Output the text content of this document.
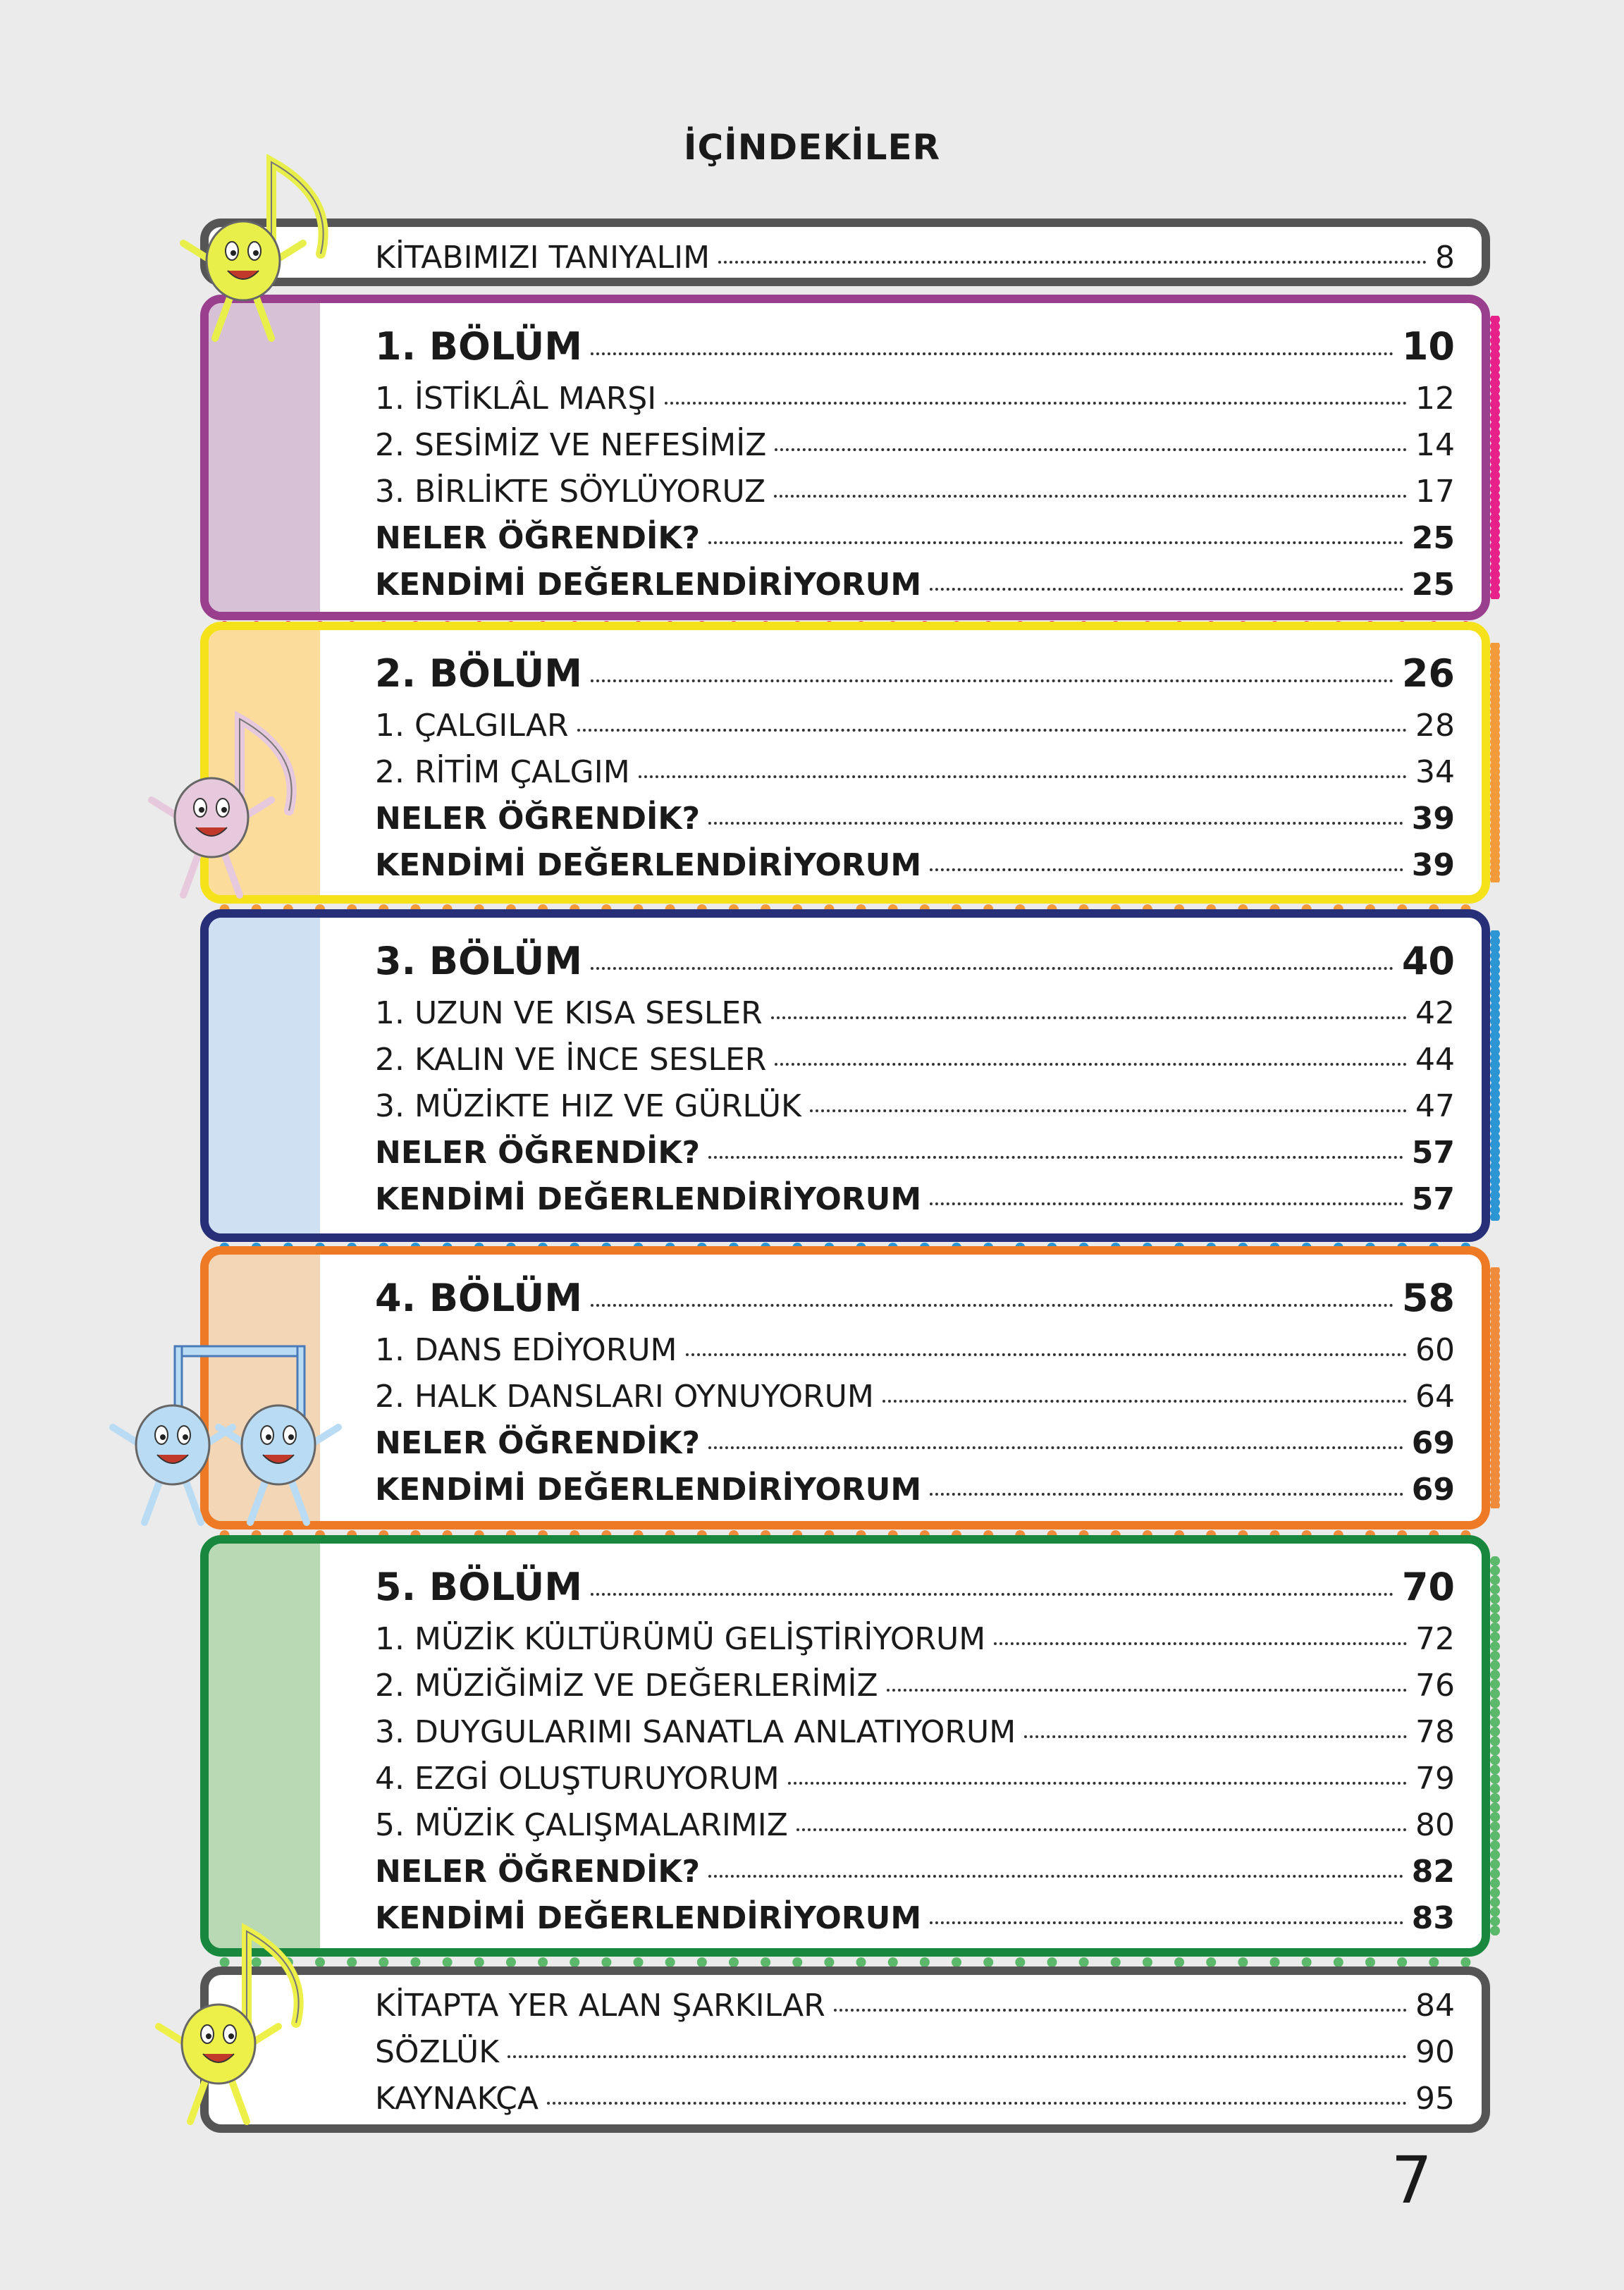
İÇİNDEKİLER
KİTABIMIZI TANIYALIM	8
1. BÖLÜM	10
1. İSTİKLÂL MARŞI	12
2. SESİMİZ VE NEFESİMİZ	14
3. BİRLİKTE SÖYLÜYORUZ	17
NELER ÖĞRENDİK?	25
KENDİMİ DEĞERLENDİRİYORUM	25
2. BÖLÜM	26
1. ÇALGILAR	28
2. RİTİM ÇALGIM	34
NELER ÖĞRENDİK?	39
KENDİMİ DEĞERLENDİRİYORUM	39
3. BÖLÜM	40
1. UZUN VE KISA SESLER	42
2. KALIN VE İNCE SESLER	44
3. MÜZİKTE HIZ VE GÜRLÜK	47
NELER ÖĞRENDİK?	57
KENDİMİ DEĞERLENDİRİYORUM	57
4. BÖLÜM	58
1. DANS EDİYORUM	60
2. HALK DANSLARI OYNUYORUM	64
NELER ÖĞRENDİK?	69
KENDİMİ DEĞERLENDİRİYORUM	69
5. BÖLÜM	70
1. MÜZİK KÜLTÜRÜMÜ GELİŞTİRİYORUM	72
2. MÜZİĞİMİZ VE DEĞERLERİMİZ	76
3. DUYGULARIMI SANATLA ANLATIYORUM	78
4. EZGİ OLUŞTURUYORUM	79
5. MÜZİK ÇALIŞMALARIMIZ	80
NELER ÖĞRENDİK?	82
KENDİMİ DEĞERLENDİRİYORUM	83
KİTAPTA YER ALAN ŞARKILAR	84
SÖZLÜK	90
KAYNAKÇA	95
7
